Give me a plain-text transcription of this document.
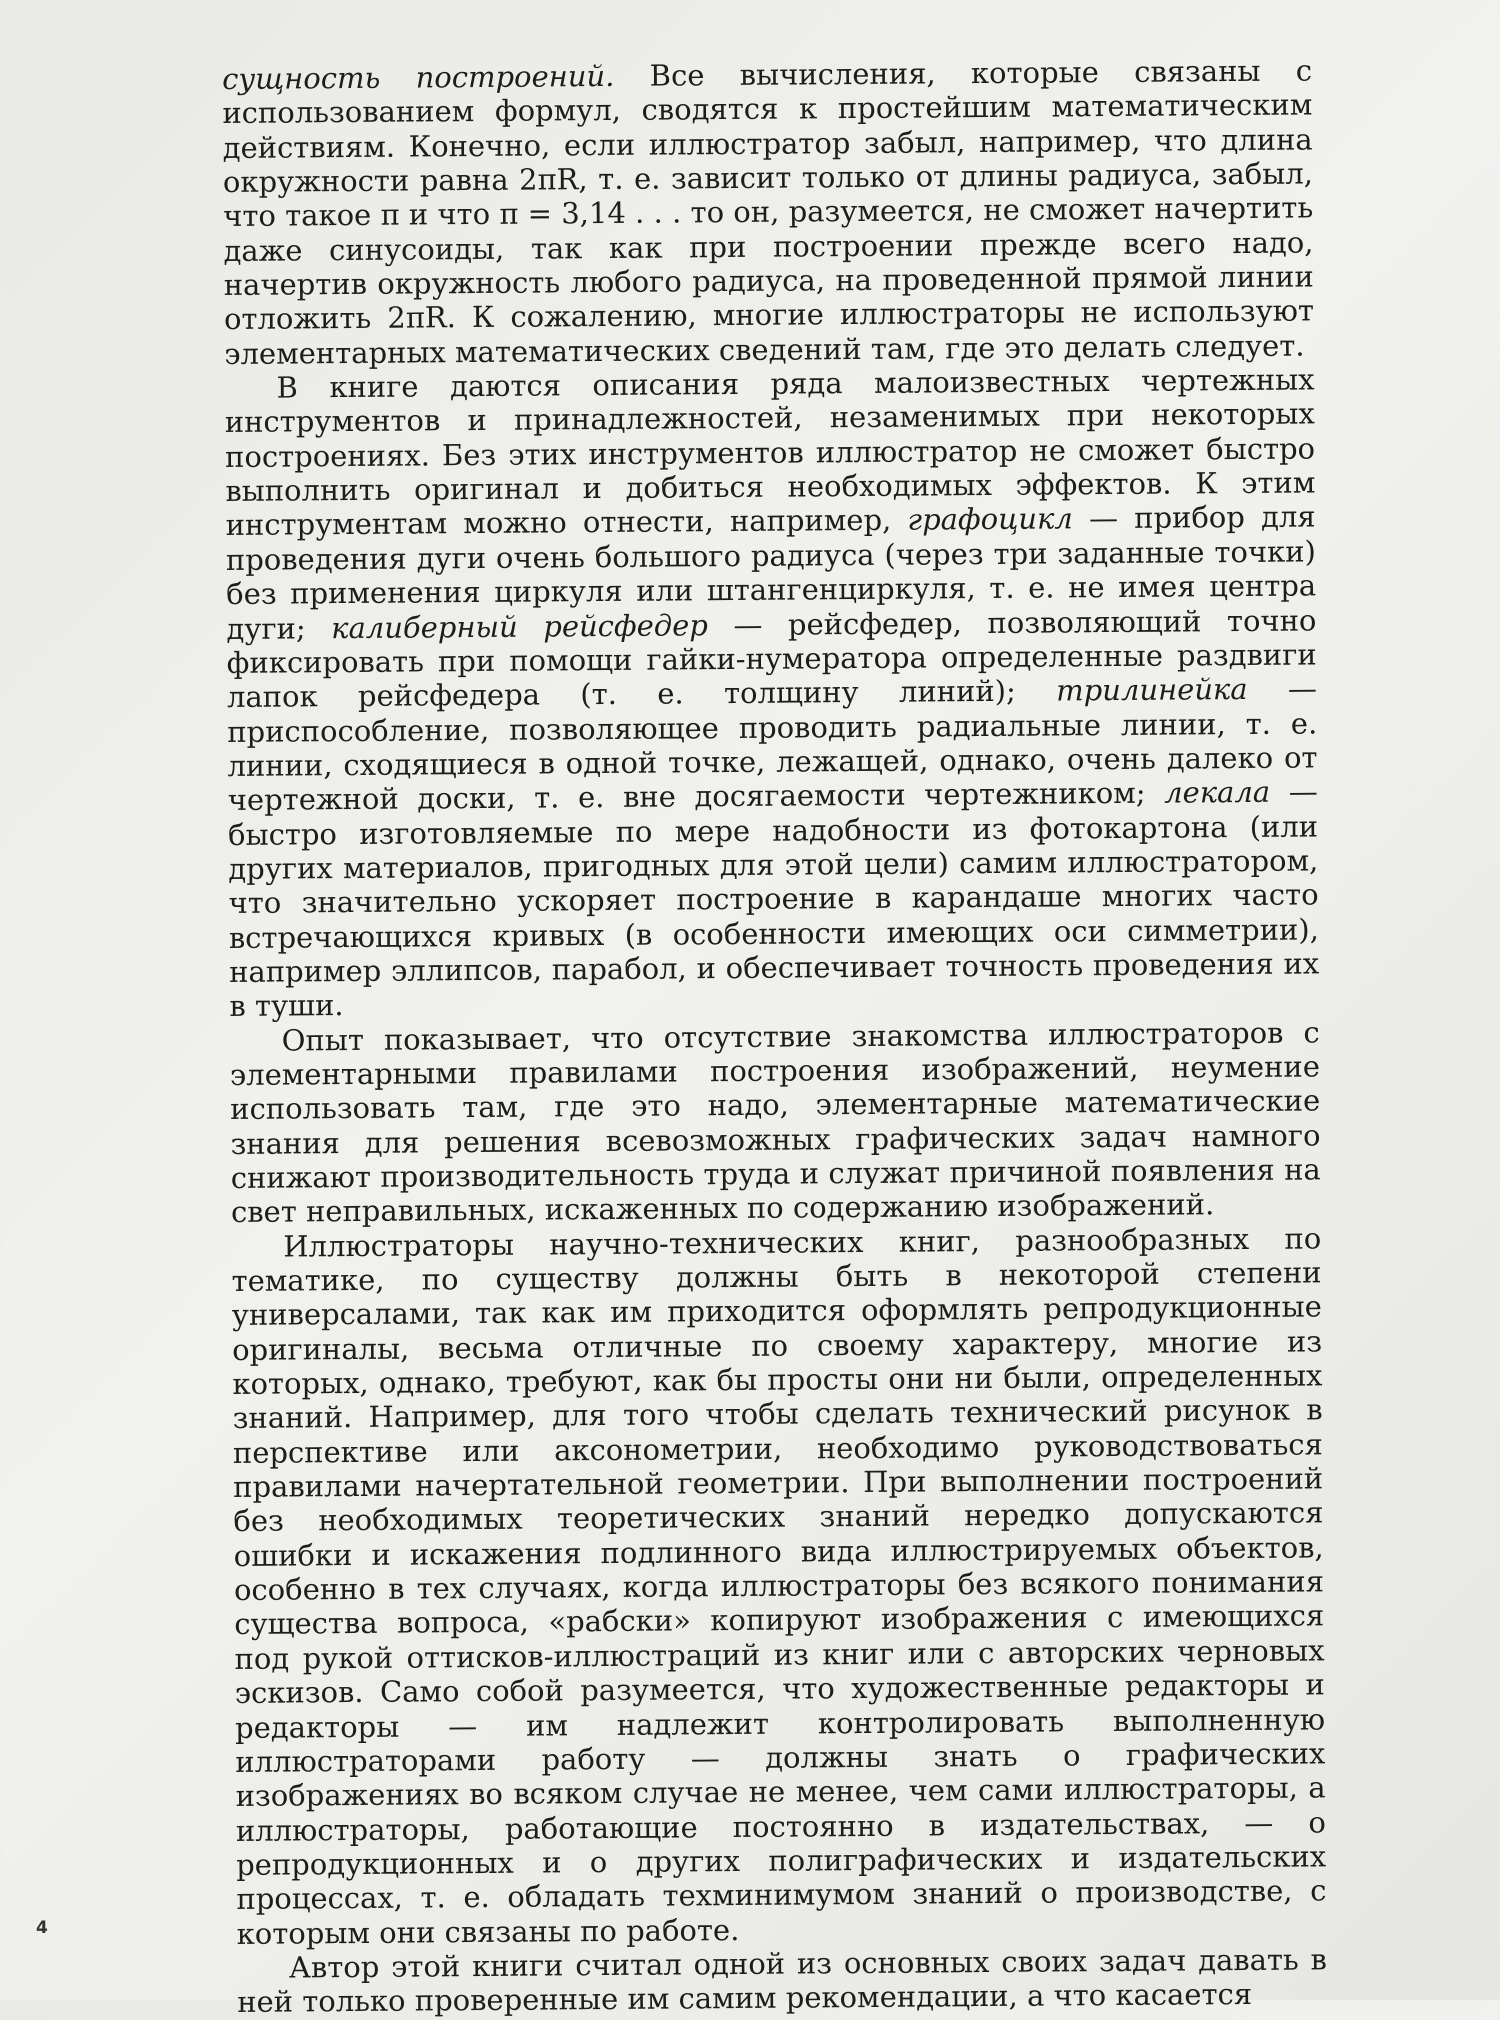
сущность построений. Все вычисления, которые связаны с использованием формул, сводятся к простейшим математическим действиям. Конечно, если иллюстратор забыл, например, что длина окружности равна 2πR, т. е. зависит только от длины радиуса, забыл, что такое π и что π = 3,14 . . . то он, разумеется, не сможет начертить даже синусоиды, так как при построении прежде всего надо, начертив окружность любого радиуса, на проведенной прямой линии отложить 2πR. К сожалению, многие иллюстраторы не используют элементарных математических сведений там, где это делать следует.

В книге даются описания ряда малоизвестных чертежных инструментов и принадлежностей, незаменимых при некоторых построениях. Без этих инструментов иллюстратор не сможет быстро выполнить оригинал и добиться необходимых эффектов. К этим инструментам можно отнести, например, графоцикл — прибор для проведения дуги очень большого радиуса (через три заданные точки) без применения циркуля или штангенциркуля, т. е. не имея центра дуги; калиберный рейсфедер — рейсфедер, позволяющий точно фиксировать при помощи гайки-нумератора определенные раздвиги лапок рейсфедера (т. е. толщину линий); трилинейка — приспособление, позволяющее проводить радиальные линии, т. е. линии, сходящиеся в одной точке, лежащей, однако, очень далеко от чертежной доски, т. е. вне досягаемости чертежником; лекала — быстро изготовляемые по мере надобности из фотокартона (или других материалов, пригодных для этой цели) самим иллюстратором, что значительно ускоряет построение в карандаше многих часто встречающихся кривых (в особенности имеющих оси симметрии), например эллипсов, парабол, и обеспечивает точность проведения их в туши.

Опыт показывает, что отсутствие знакомства иллюстраторов с элементарными правилами построения изображений, неумение использовать там, где это надо, элементарные математические знания для решения всевозможных графических задач намного снижают производительность труда и служат причиной появления на свет неправильных, искаженных по содержанию изображений.

Иллюстраторы научно-технических книг, разнообразных по тематике, по существу должны быть в некоторой степени универсалами, так как им приходится оформлять репродукционные оригиналы, весьма отличные по своему характеру, многие из которых, однако, требуют, как бы просты они ни были, определенных знаний. Например, для того чтобы сделать технический рисунок в перспективе или аксонометрии, необходимо руководствоваться правилами начертательной геометрии. При выполнении построений без необходимых теоретических знаний нередко допускаются ошибки и искажения подлинного вида иллюстрируемых объектов, особенно в тех случаях, когда иллюстраторы без всякого понимания существа вопроса, «рабски» копируют изображения с имеющихся под рукой оттисков-иллюстраций из книг или с авторских черновых эскизов. Само собой разумеется, что художественные редакторы и редакторы — им надлежит контролировать выполненную иллюстраторами работу — должны знать о графических изображениях во всяком случае не менее, чем сами иллюстраторы, а иллюстраторы, работающие постоянно в издательствах, — о репродукционных и о других полиграфических и издательских процессах, т. е. обладать техминимумом знаний о производстве, с которым они связаны по работе.

Автор этой книги считал одной из основных своих задач давать в ней только проверенные им самим рекомендации, а что касается

4
